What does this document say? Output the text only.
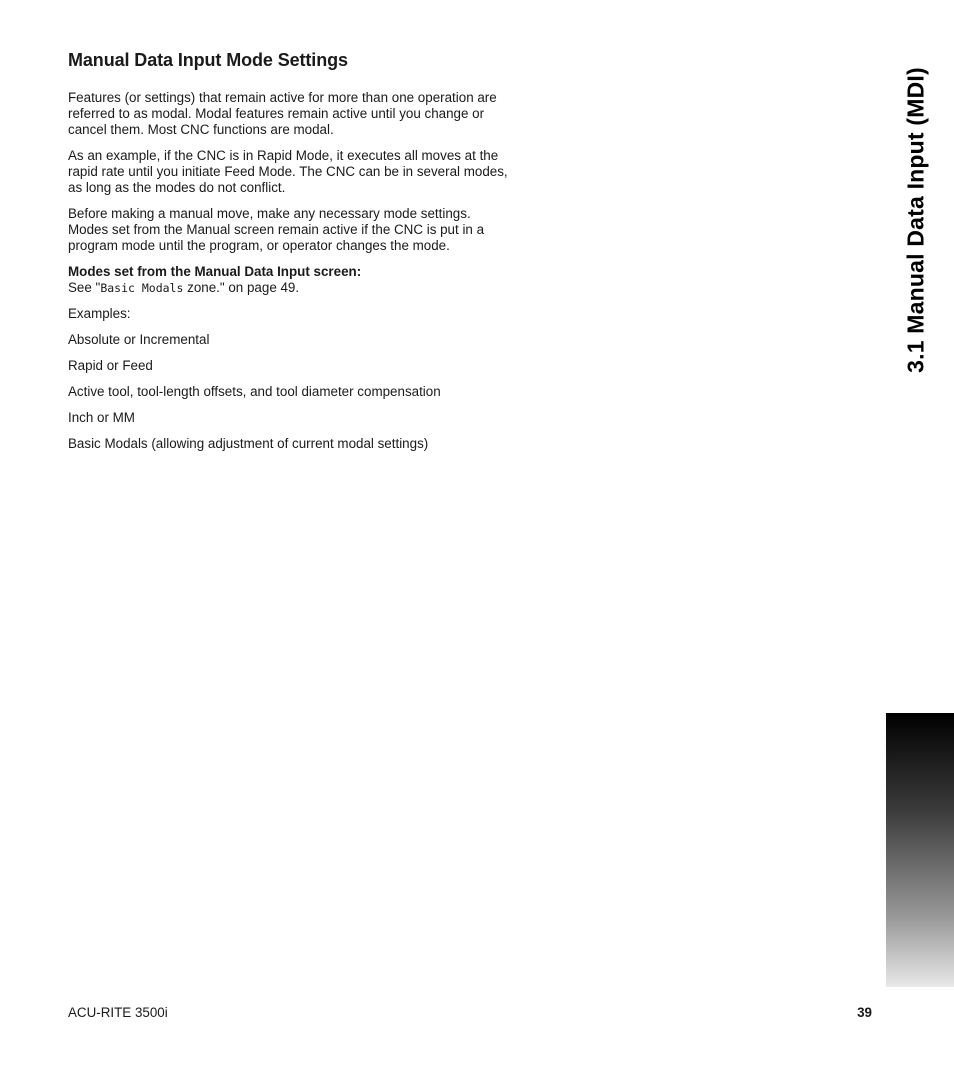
Manual Data Input Mode Settings

Features (or settings) that remain active for more than one operation are referred to as modal. Modal features remain active until you change or cancel them. Most CNC functions are modal.

As an example, if the CNC is in Rapid Mode, it executes all moves at the rapid rate until you initiate Feed Mode. The CNC can be in several modes, as long as the modes do not conflict.

Before making a manual move, make any necessary mode settings. Modes set from the Manual screen remain active if the CNC is put in a program mode until the program, or operator changes the mode.

Modes set from the Manual Data Input screen:

See "Basic Modals zone." on page 49.

Examples:

Absolute or Incremental

Rapid or Feed

Active tool, tool-length offsets, and tool diameter compensation

Inch or MM

Basic Modals (allowing adjustment of current modal settings)

3.1 Manual Data Input (MDI)
ACU-RITE 3500i	39
